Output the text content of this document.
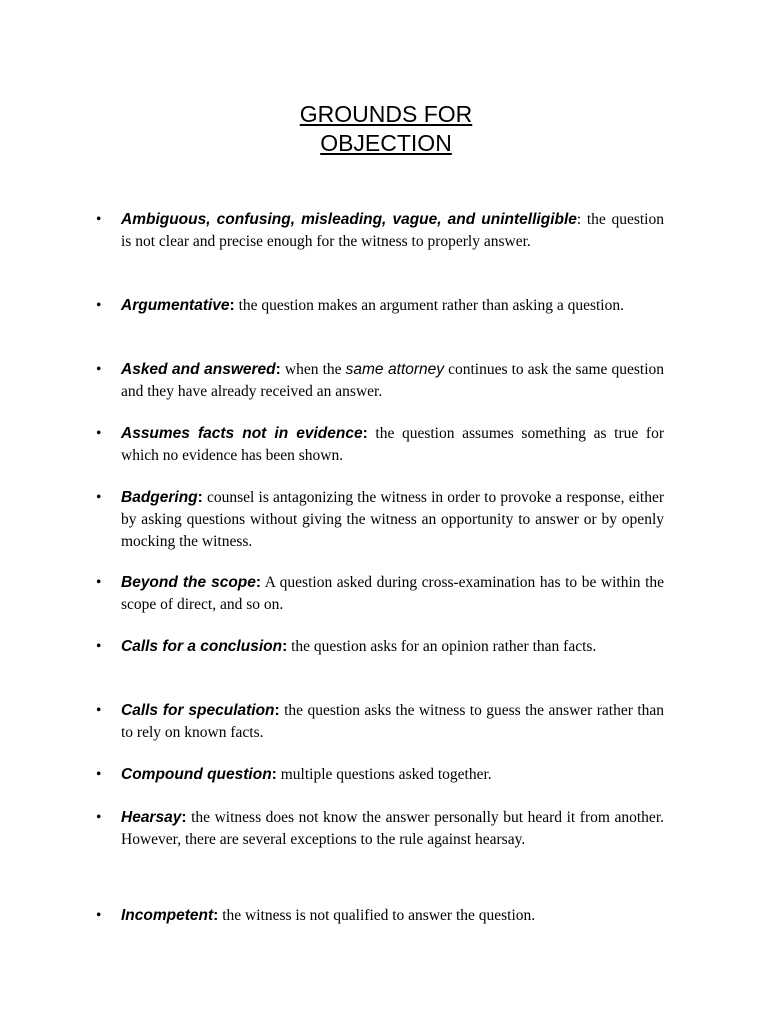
GROUNDS FOR
OBJECTION
• Ambiguous, confusing, misleading, vague, and unintelligible: the question is not clear and precise enough for the witness to properly answer.
• Argumentative: the question makes an argument rather than asking a question.
• Asked and answered: when the same attorney continues to ask the same question and they have already received an answer.
• Assumes facts not in evidence: the question assumes something as true for which no evidence has been shown.
• Badgering: counsel is antagonizing the witness in order to provoke a response, either by asking questions without giving the witness an opportunity to answer or by openly mocking the witness.
• Beyond the scope: A question asked during cross-examination has to be within the scope of direct, and so on.
• Calls for a conclusion: the question asks for an opinion rather than facts.
• Calls for speculation: the question asks the witness to guess the answer rather than to rely on known facts.
• Compound question: multiple questions asked together.
• Hearsay: the witness does not know the answer personally but heard it from another. However, there are several exceptions to the rule against hearsay.
• Incompetent: the witness is not qualified to answer the question.
